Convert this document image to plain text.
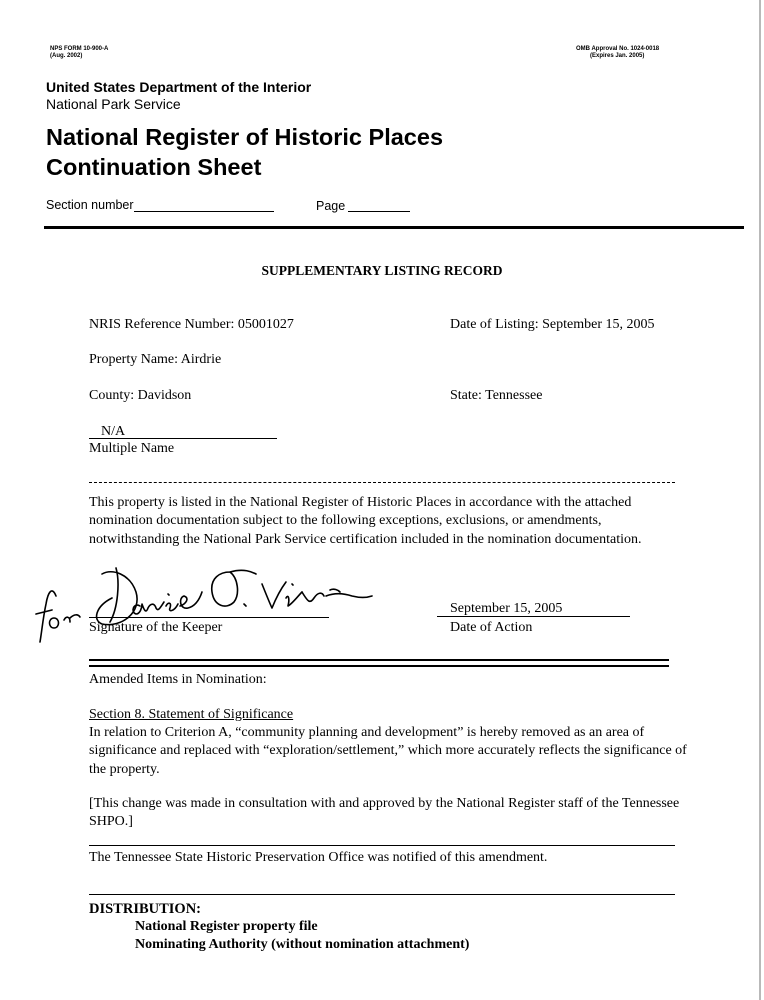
NPS FORM 10-900-A
(Aug. 2002)
OMB Approval No. 1024-0018
(Expires Jan. 2005)
United States Department of the Interior
National Park Service
National Register of Historic Places
Continuation Sheet
Section number	Page
SUPPLEMENTARY LISTING RECORD
NRIS Reference Number: 05001027	Date of Listing: September 15, 2005
Property Name: Airdrie
County: Davidson	State: Tennessee
N/A
Multiple Name
This property is listed in the National Register of Historic Places in accordance with the attached nomination documentation subject to the following exceptions, exclusions, or amendments, notwithstanding the National Park Service certification included in the nomination documentation.
Signature of the Keeper
September 15, 2005
Date of Action
Amended Items in Nomination:
Section 8. Statement of Significance
In relation to Criterion A, “community planning and development” is hereby removed as an area of significance and replaced with “exploration/settlement,” which more accurately reflects the significance of the property.
[This change was made in consultation with and approved by the National Register staff of the Tennessee SHPO.]
The Tennessee State Historic Preservation Office was notified of this amendment.
DISTRIBUTION:
National Register property file
Nominating Authority (without nomination attachment)
